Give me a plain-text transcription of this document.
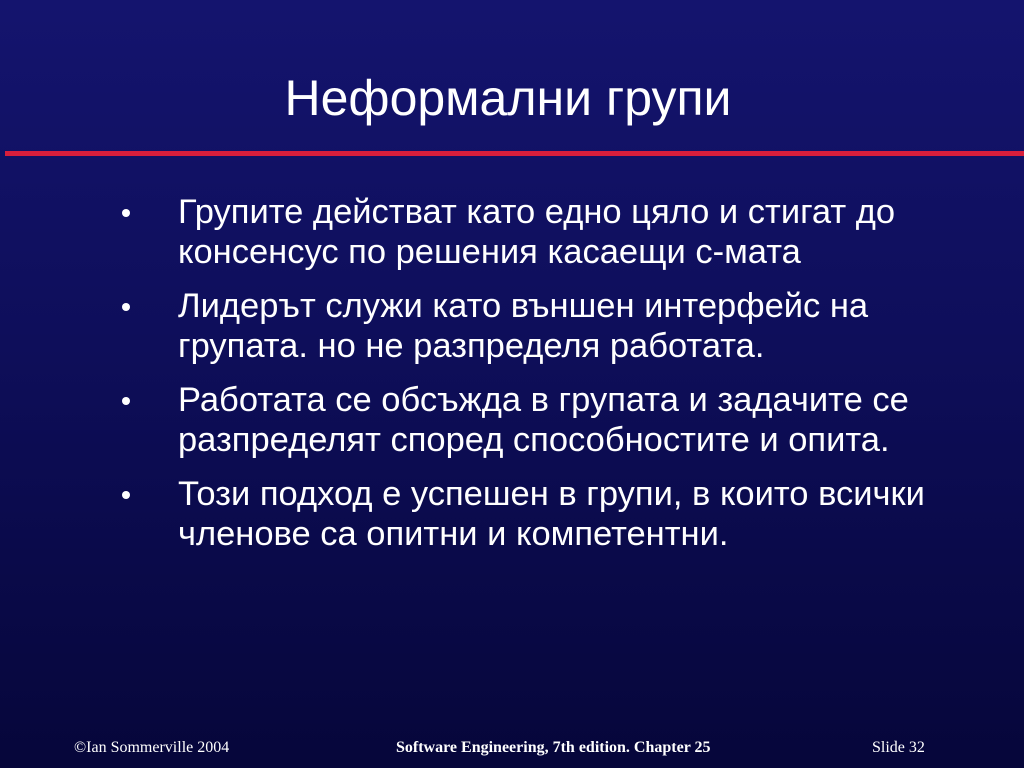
Неформални групи
Групите действат като едно цяло и стигат до консенсус по решения касаещи с-мата
Лидерът служи като външен интерфейс на групата. но не разпределя работата.
Работата се обсъжда в групата и задачите се разпределят според способностите и опита.
Този подход е успешен в групи, в които всички членове са опитни и компетентни.
©Ian Sommerville 2004	Software Engineering, 7th edition. Chapter 25	Slide 32
